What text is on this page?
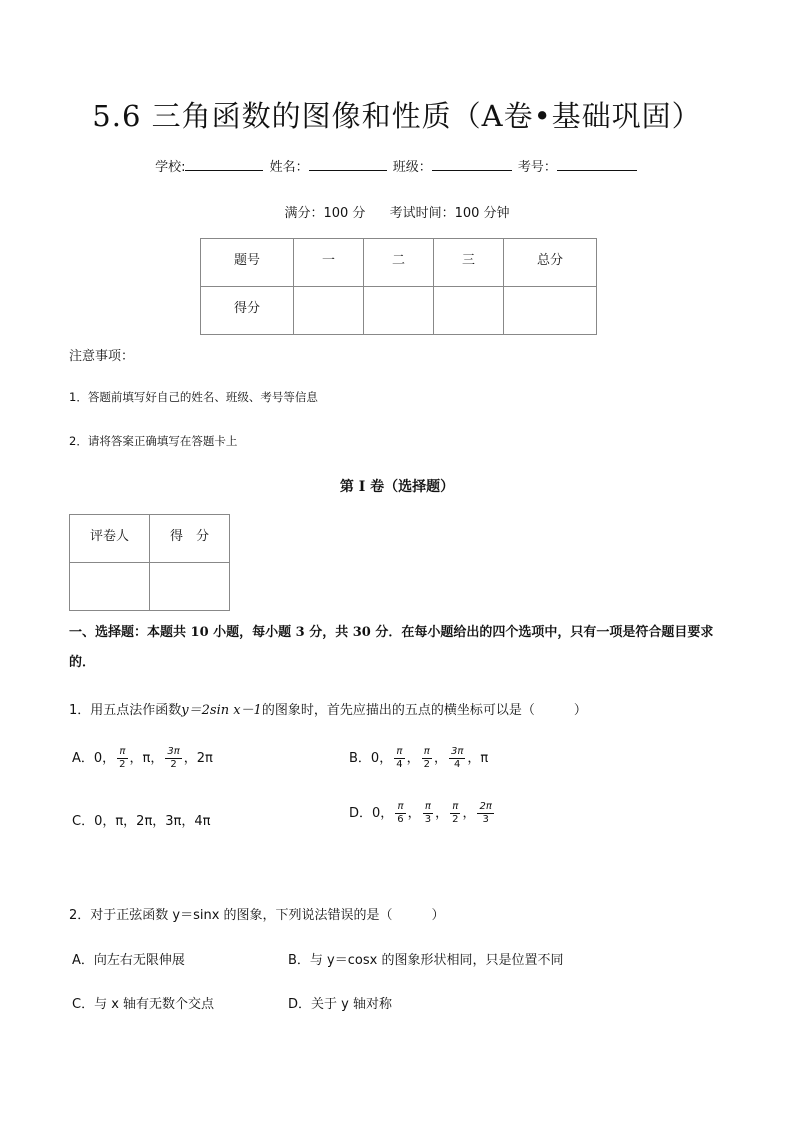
5.6 三角函数的图像和性质（A卷•基础巩固）
学校:	姓名：	班级：	考号：
满分：100 分 考试时间：100 分钟
题号	一	二	三	总分
得分				
注意事项：
1．答题前填写好自己的姓名、班级、考号等信息
2．请将答案正确填写在答题卡上
第 I 卷（选择题）
评卷人	得　分

一、选择题：本题共 10 小题，每小题 3 分，共 30 分．在每小题给出的四个选项中，只有一项是符合题目要求的．
1．用五点法作函数y＝2sin x－1的图象时，首先应描出的五点的横坐标可以是（　　　）
A．0， $\frac{\pi}{2}$ ，π， $\frac{3\pi}{2}$ ，2π	B．0， $\frac{\pi}{4}$ ， $\frac{\pi}{2}$ ， $\frac{3\pi}{4}$ ，π
C．0，π，2π，3π，4π
D．0， $\frac{\pi}{6}$ ， $\frac{\pi}{3}$ ， $\frac{\pi}{2}$ ， $\frac{2\pi}{3}$
2．对于正弦函数 y＝sinx 的图象，下列说法错误的是（　　　）
A．向左右无限伸展	B．与 y＝cosx 的图象形状相同，只是位置不同
C．与 x 轴有无数个交点	D．关于 y 轴对称
